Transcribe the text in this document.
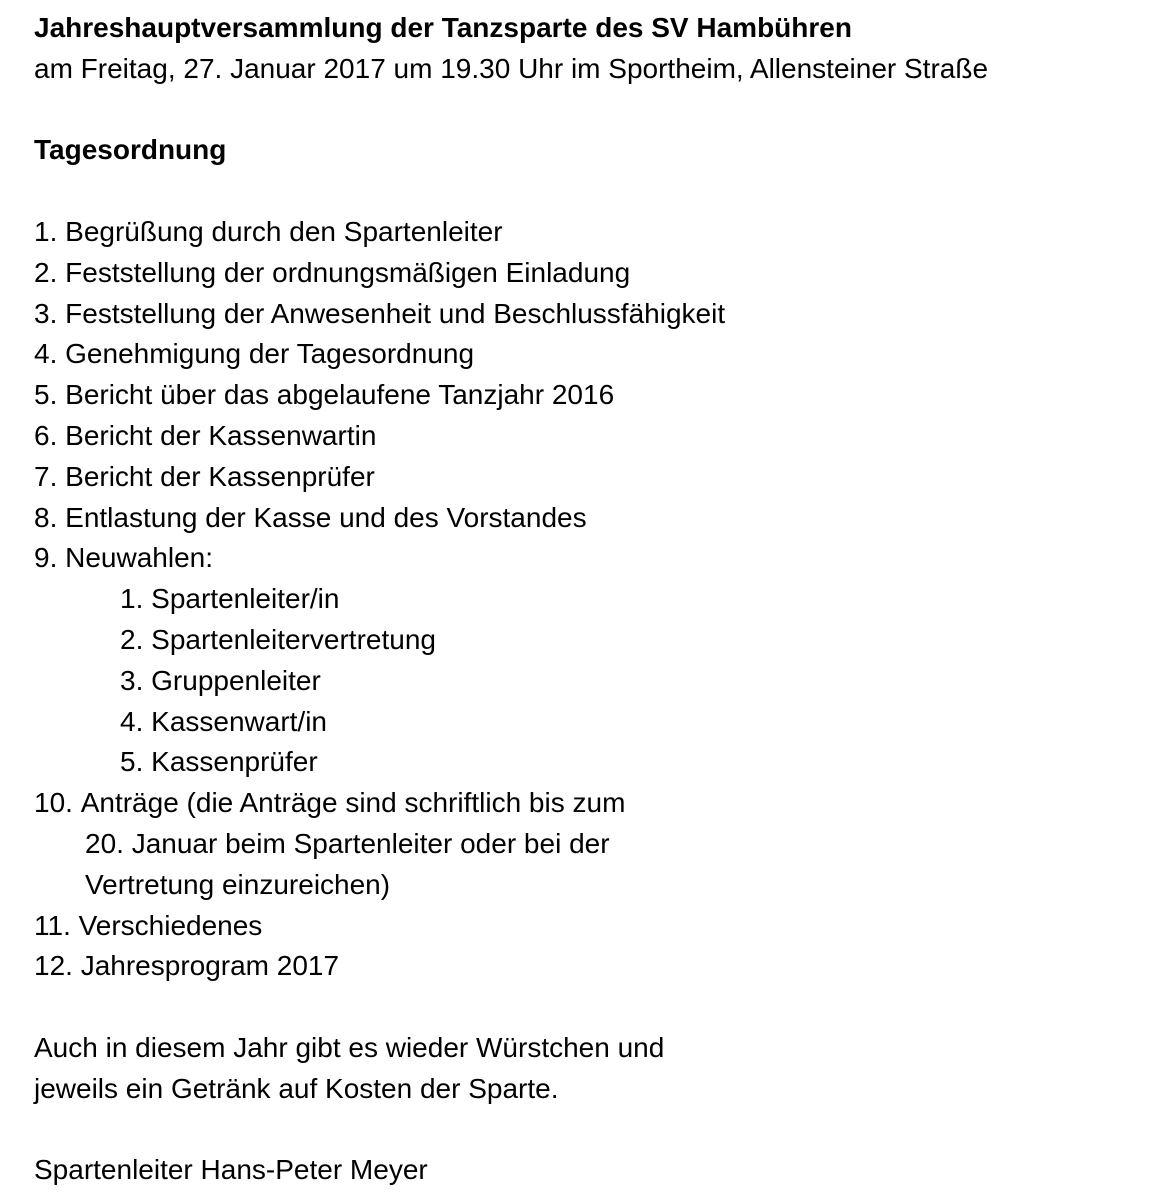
Jahreshauptversammlung der Tanzsparte des SV Hambühren
am Freitag, 27. Januar 2017 um 19.30 Uhr im Sportheim, Allensteiner Straße
Tagesordnung
1. Begrüßung durch den Spartenleiter
2. Feststellung der ordnungsmäßigen Einladung
3. Feststellung der Anwesenheit und Beschlussfähigkeit
4. Genehmigung der Tagesordnung
5. Bericht über das abgelaufene Tanzjahr 2016
6. Bericht der Kassenwartin
7. Bericht der Kassenprüfer
8. Entlastung der Kasse und des Vorstandes
9. Neuwahlen:
1. Spartenleiter/in
2. Spartenleitervertretung
3. Gruppenleiter
4. Kassenwart/in
5. Kassenprüfer
10. Anträge (die Anträge sind schriftlich bis zum
20. Januar beim Spartenleiter oder bei der
Vertretung einzureichen)
11. Verschiedenes
12. Jahresprogram 2017
Auch in diesem Jahr gibt es wieder Würstchen und
jeweils ein Getränk auf Kosten der Sparte.
Spartenleiter Hans-Peter Meyer
